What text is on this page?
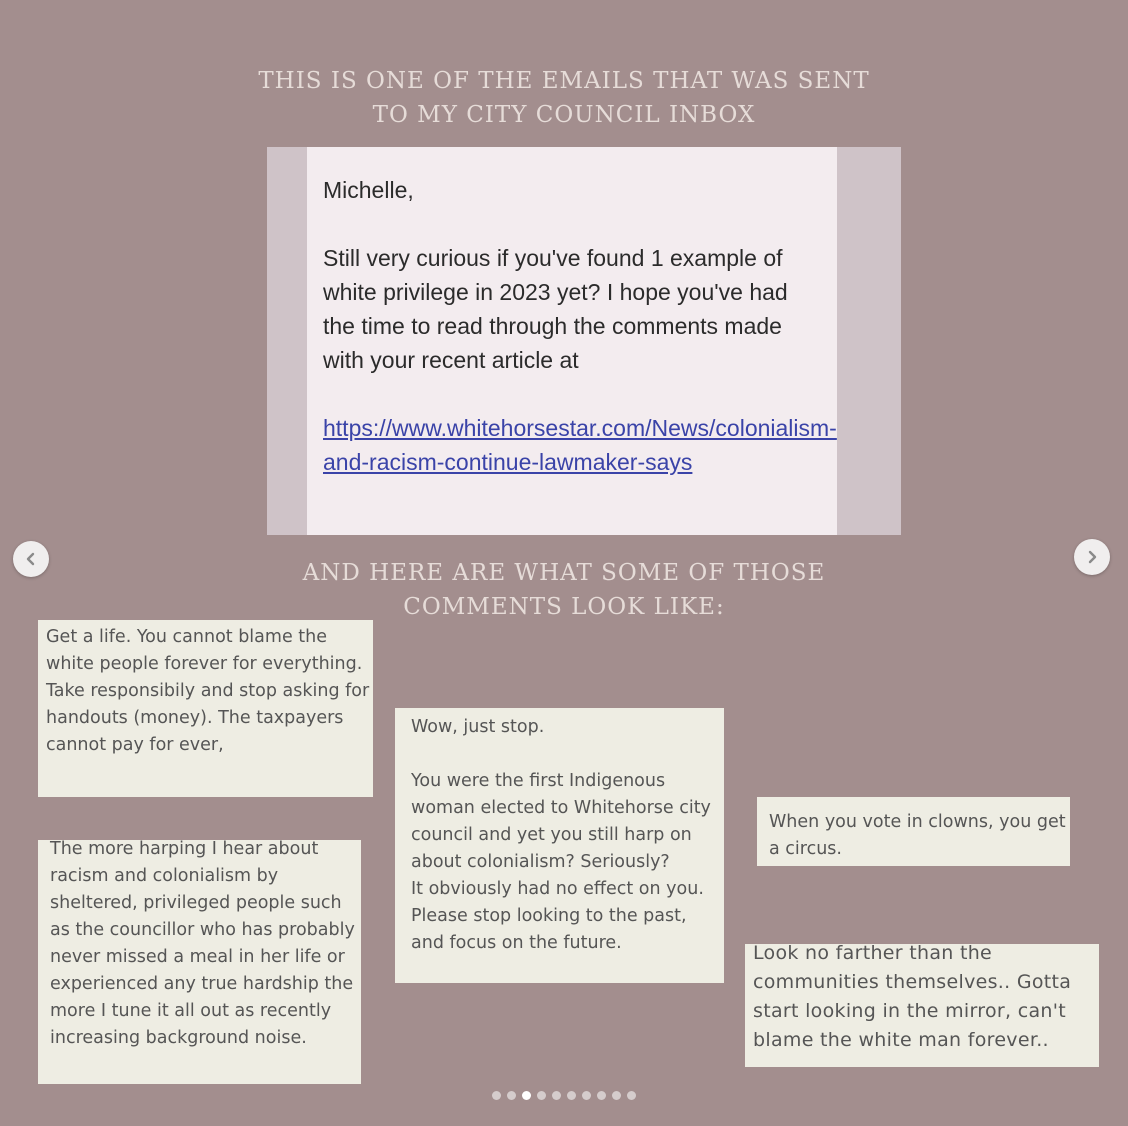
THIS IS ONE OF THE EMAILS THAT WAS SENT
TO MY CITY COUNCIL INBOX

Michelle,

Still very curious if you've found 1 example of white privilege in 2023 yet? I hope you've had the time to read through the comments made with your recent article at

https://www.whitehorsestar.com/News/colonialism-and-racism-continue-lawmaker-says

AND HERE ARE WHAT SOME OF THOSE
COMMENTS LOOK LIKE:

Get a life. You cannot blame the white people forever for everything. Take responsibily and stop asking for handouts (money). The taxpayers cannot pay for ever,

Wow, just stop.

You were the first Indigenous woman elected to Whitehorse city council and yet you still harp on about colonialism? Seriously?

It obviously had no effect on you. Please stop looking to the past, and focus on the future.

The more harping I hear about racism and colonialism by sheltered, privileged people such as the councillor who has probably never missed a meal in her life or experienced any true hardship the more I tune it all out as recently increasing background noise.

When you vote in clowns, you get a circus.

Look no farther than the communities themselves.. Gotta start looking in the mirror, can't blame the white man forever..
